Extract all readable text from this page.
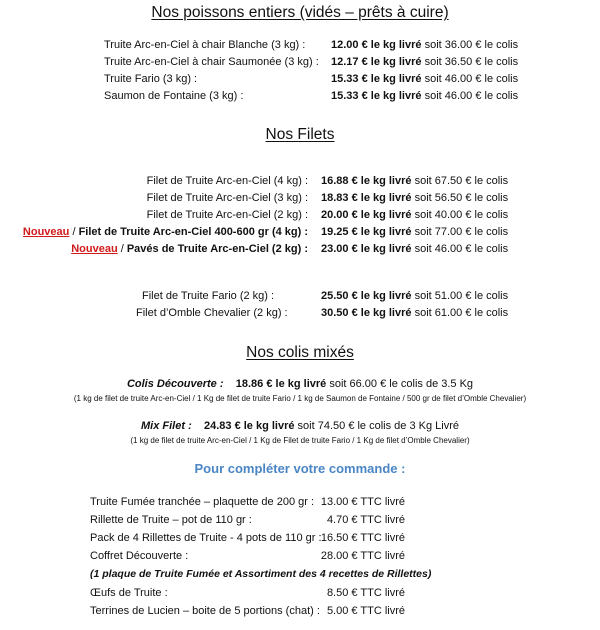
Nos poissons entiers (vidés – prêts à cuire)
Truite Arc-en-Ciel à chair Blanche (3 kg) : 12.00 € le kg livré soit 36.00 € le colis
Truite Arc-en-Ciel à chair Saumonée (3 kg) : 12.17 € le kg livré soit 36.50 € le colis
Truite Fario (3 kg) :	15.33 € le kg livré soit 46.00 € le colis
Saumon de Fontaine (3 kg) :	15.33 € le kg livré soit 46.00 € le colis
Nos Filets
Filet de Truite Arc-en-Ciel (4 kg) : 16.88 € le kg livré soit 67.50 € le colis
Filet de Truite Arc-en-Ciel (3 kg) : 18.83 € le kg livré soit 56.50 € le colis
Filet de Truite Arc-en-Ciel (2 kg) : 20.00 € le kg livré soit 40.00 € le colis
Nouveau / Filet de Truite Arc-en-Ciel 400-600 gr (4 kg) : 19.25 € le kg livré soit 77.00 € le colis
Nouveau / Pavés de Truite Arc-en-Ciel (2 kg) : 23.00 € le kg livré soit 46.00 € le colis
Filet de Truite Fario (2 kg) :	25.50 € le kg livré soit 51.00 € le colis
Filet d’Omble Chevalier (2 kg) :	30.50 € le kg livré soit 61.00 € le colis
Nos colis mixés
Colis Découverte : 18.86 € le kg livré soit 66.00 € le colis de 3.5 Kg
(1 kg de filet de truite Arc-en-Ciel / 1 Kg de filet de truite Fario / 1 kg de Saumon de Fontaine / 500 gr de filet d’Omble Chevalier)
Mix Filet : 24.83 € le kg livré soit 74.50 € le colis de 3 Kg Livré
(1 kg de filet de truite Arc-en-Ciel / 1 Kg de Filet de truite Fario / 1 Kg de filet d’Omble Chevalier)
Pour compléter votre commande :
Truite Fumée tranchée – plaquette de 200 gr : 13.00 € TTC livré
Rillette de Truite – pot de 110 gr :	4.70 € TTC livré
Pack de 4 Rillettes de Truite - 4 pots de 110 gr : 16.50 € TTC livré
Coffret Découverte :	28.00 € TTC livré
(1 plaque de Truite Fumée et Assortiment des 4 recettes de Rillettes)
Œufs de Truite :	8.50 € TTC livré
Terrines de Lucien – boite de 5 portions (chat) : 5.00 € TTC livré
